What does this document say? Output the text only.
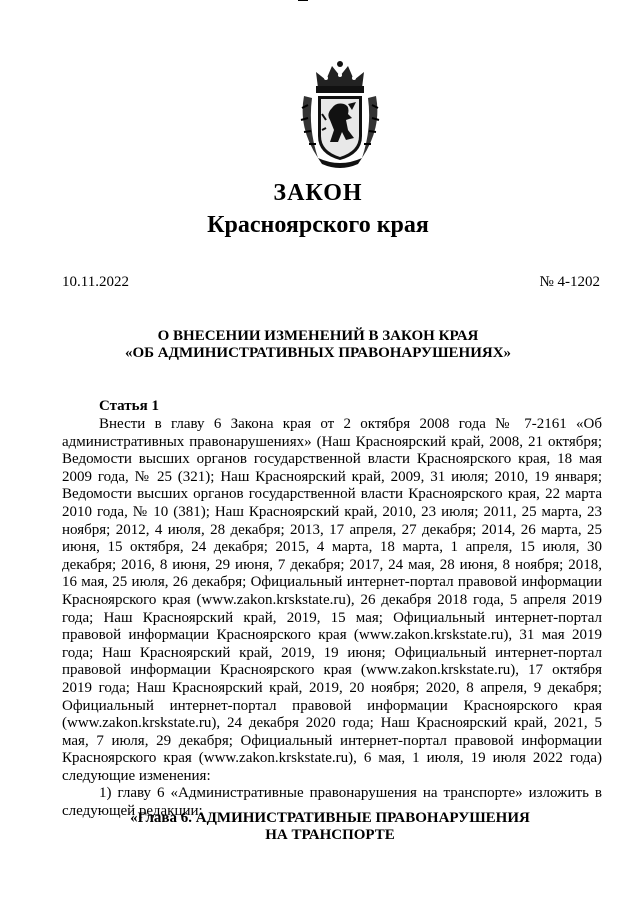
ЗАКОН
Красноярского края
10.11.2022	№ 4-1202
О ВНЕСЕНИИ ИЗМЕНЕНИЙ В ЗАКОН КРАЯ
«ОБ АДМИНИСТРАТИВНЫХ ПРАВОНАРУШЕНИЯХ»
Статья 1

Внести в главу 6 Закона края от 2 октября 2008 года № 7-2161 «Об административных правонарушениях» (Наш Красноярский край, 2008, 21 октября; Ведомости высших органов государственной власти Красноярского края, 18 мая 2009 года, № 25 (321); Наш Красноярский край, 2009, 31 июля; 2010, 19 января; Ведомости высших органов государственной власти Красноярского края, 22 марта 2010 года, № 10 (381); Наш Красноярский край, 2010, 23 июля; 2011, 25 марта, 23 ноября; 2012, 4 июля, 28 декабря; 2013, 17 апреля, 27 декабря; 2014, 26 марта, 25 июня, 15 октября, 24 декабря; 2015, 4 марта, 18 марта, 1 апреля, 15 июля, 30 декабря; 2016, 8 июня, 29 июня, 7 декабря; 2017, 24 мая, 28 июня, 8 ноября; 2018, 16 мая, 25 июля, 26 декабря; Официальный интернет-портал правовой информации Красноярского края (www.zakon.krskstate.ru), 26 декабря 2018 года, 5 апреля 2019 года; Наш Красноярский край, 2019, 15 мая; Официальный интернет-портал правовой информации Красноярского края (www.zakon.krskstate.ru), 31 мая 2019 года; Наш Красноярский край, 2019, 19 июня; Официальный интернет-портал правовой информации Красноярского края (www.zakon.krskstate.ru), 17 октября 2019 года; Наш Красноярский край, 2019, 20 ноября; 2020, 8 апреля, 9 декабря; Официальный интернет-портал правовой информации Красноярского края (www.zakon.krskstate.ru), 24 декабря 2020 года; Наш Красноярский край, 2021, 5 мая, 7 июля, 29 декабря; Официальный интернет-портал правовой информации Красноярского края (www.zakon.krskstate.ru), 6 мая, 1 июля, 19 июля 2022 года) следующие изменения:

1) главу 6 «Административные правонарушения на транспорте» изложить в следующей редакции:

«Глава 6. АДМИНИСТРАТИВНЫЕ ПРАВОНАРУШЕНИЯ
НА ТРАНСПОРТЕ
